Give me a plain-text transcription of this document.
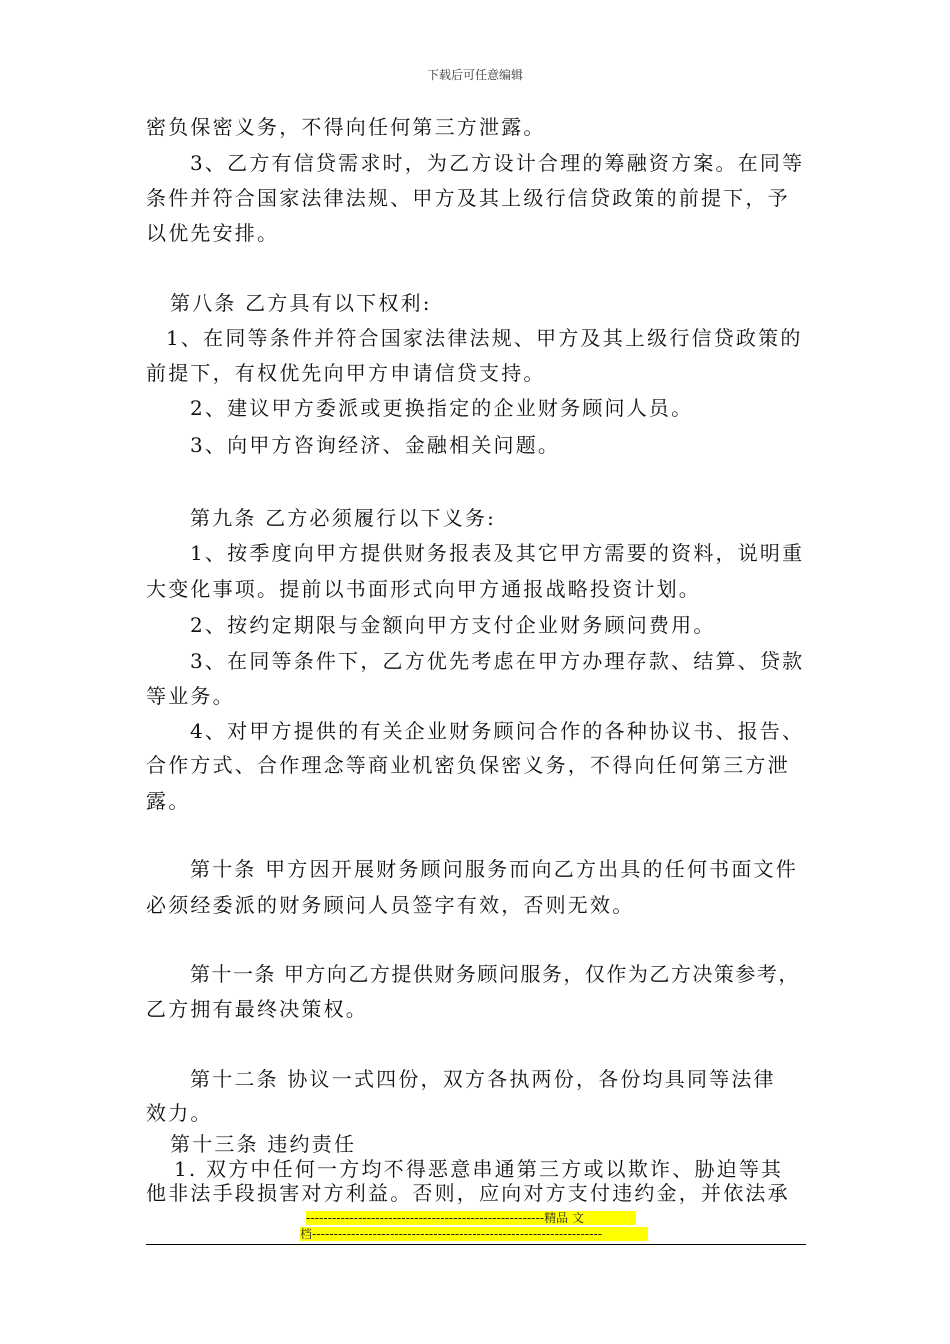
下载后可任意编辑
密负保密义务，不得向任何第三方泄露。
3、乙方有信贷需求时，为乙方设计合理的筹融资方案。在同等
条件并符合国家法律法规、甲方及其上级行信贷政策的前提下，予
以优先安排。
第八条 乙方具有以下权利:
1、在同等条件并符合国家法律法规、甲方及其上级行信贷政策的
前提下，有权优先向甲方申请信贷支持。
2、建议甲方委派或更换指定的企业财务顾问人员。
3、向甲方咨询经济、金融相关问题。
第九条 乙方必须履行以下义务:
1、按季度向甲方提供财务报表及其它甲方需要的资料，说明重
大变化事项。提前以书面形式向甲方通报战略投资计划。
2、按约定期限与金额向甲方支付企业财务顾问费用。
3、在同等条件下，乙方优先考虑在甲方办理存款、结算、贷款
等业务。
4、对甲方提供的有关企业财务顾问合作的各种协议书、报告、
合作方式、合作理念等商业机密负保密义务，不得向任何第三方泄
露。
第十条 甲方因开展财务顾问服务而向乙方出具的任何书面文件
必须经委派的财务顾问人员签字有效，否则无效。
第十一条 甲方向乙方提供财务顾问服务，仅作为乙方决策参考，
乙方拥有最终决策权。
第十二条 协议一式四份，双方各执两份，各份均具同等法律
效力。
第十三条 违约责任
1. 双方中任何一方均不得恶意串通第三方或以欺诈、胁迫等其
他非法手段损害对方利益。否则，应向对方支付违约金，并依法承
-------------------------------------------------------精品 文
档-------------------------------------------------------------------
